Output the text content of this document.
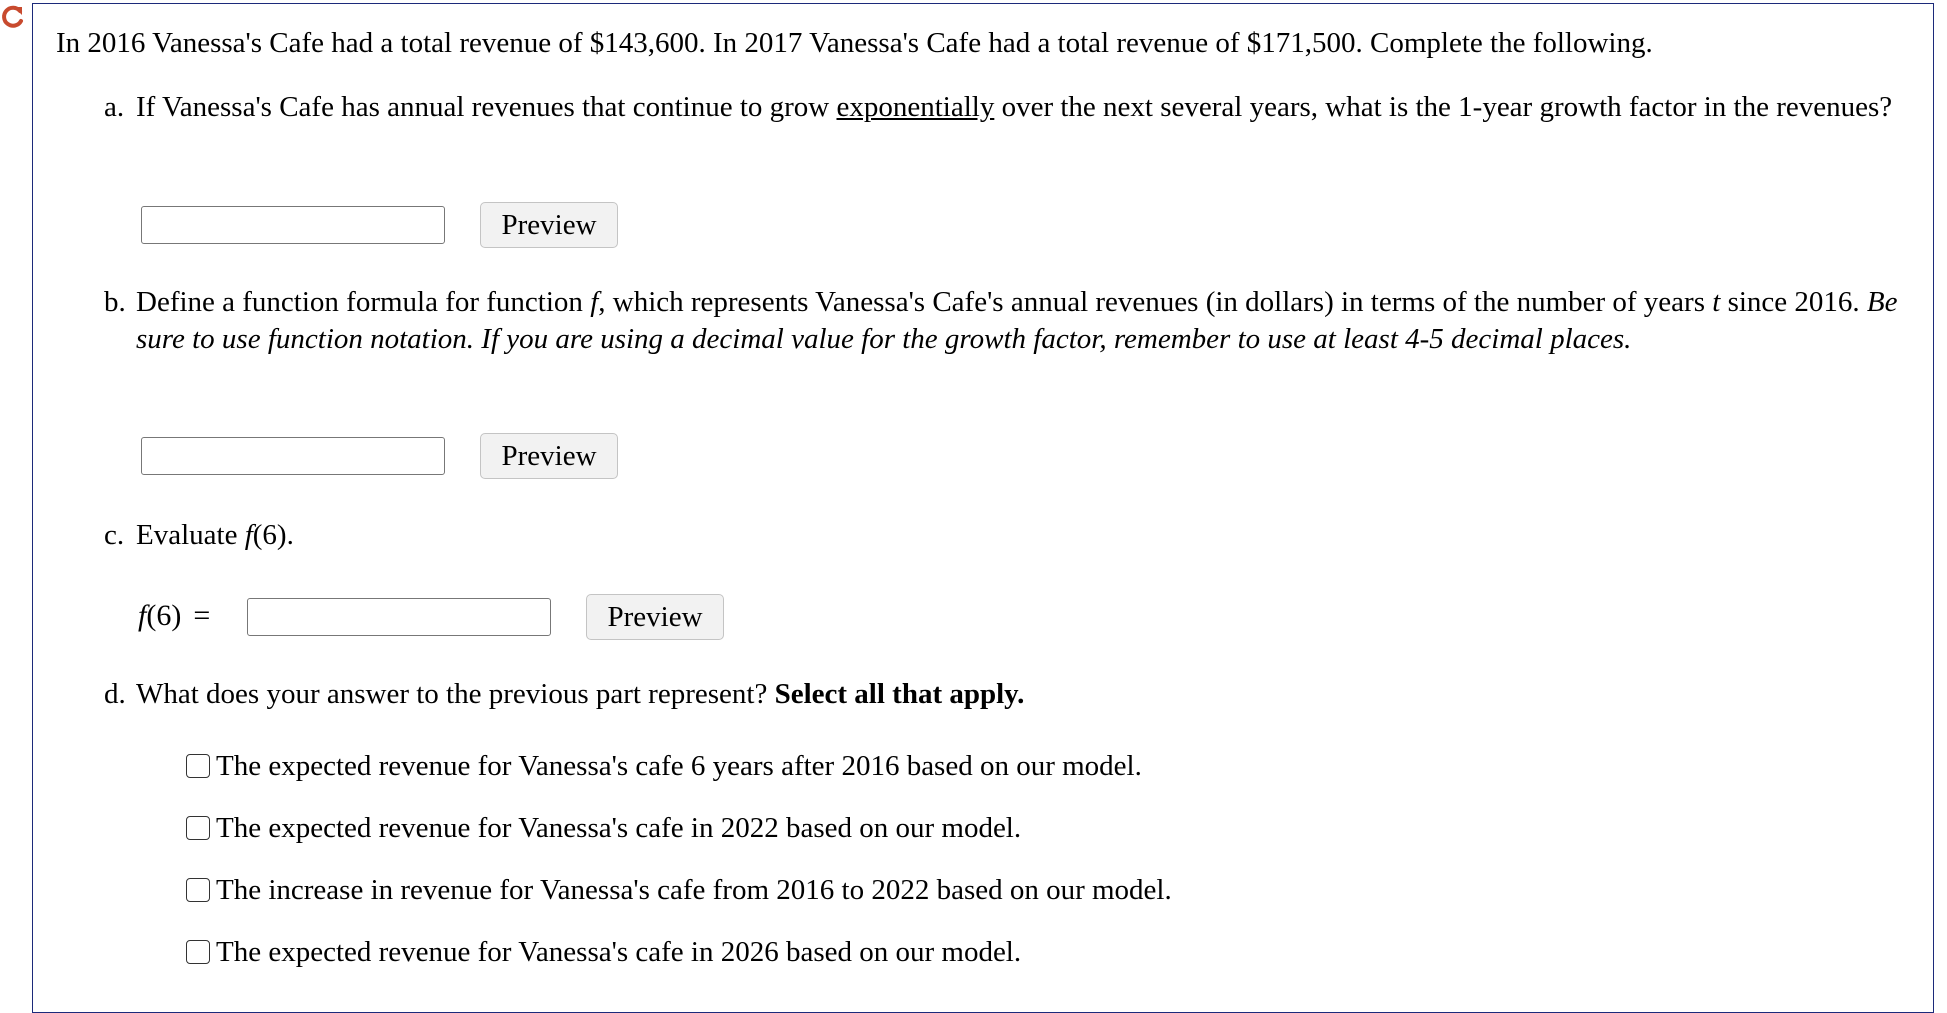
In 2016 Vanessa's Cafe had a total revenue of $143,600. In 2017 Vanessa's Cafe had a total revenue of $171,500. Complete the following.
a. If Vanessa's Cafe has annual revenues that continue to grow exponentially over the next several years, what is the 1-year growth factor in the revenues?
Preview
b. Define a function formula for function f, which represents Vanessa's Cafe's annual revenues (in dollars) in terms of the number of years t since 2016. Be sure to use function notation. If you are using a decimal value for the growth factor, remember to use at least 4-5 decimal places.
Preview
c. Evaluate f(6).
f(6) =	Preview
d. What does your answer to the previous part represent? Select all that apply.
The expected revenue for Vanessa's cafe 6 years after 2016 based on our model.
The expected revenue for Vanessa's cafe in 2022 based on our model.
The increase in revenue for Vanessa's cafe from 2016 to 2022 based on our model.
The expected revenue for Vanessa's cafe in 2026 based on our model.
